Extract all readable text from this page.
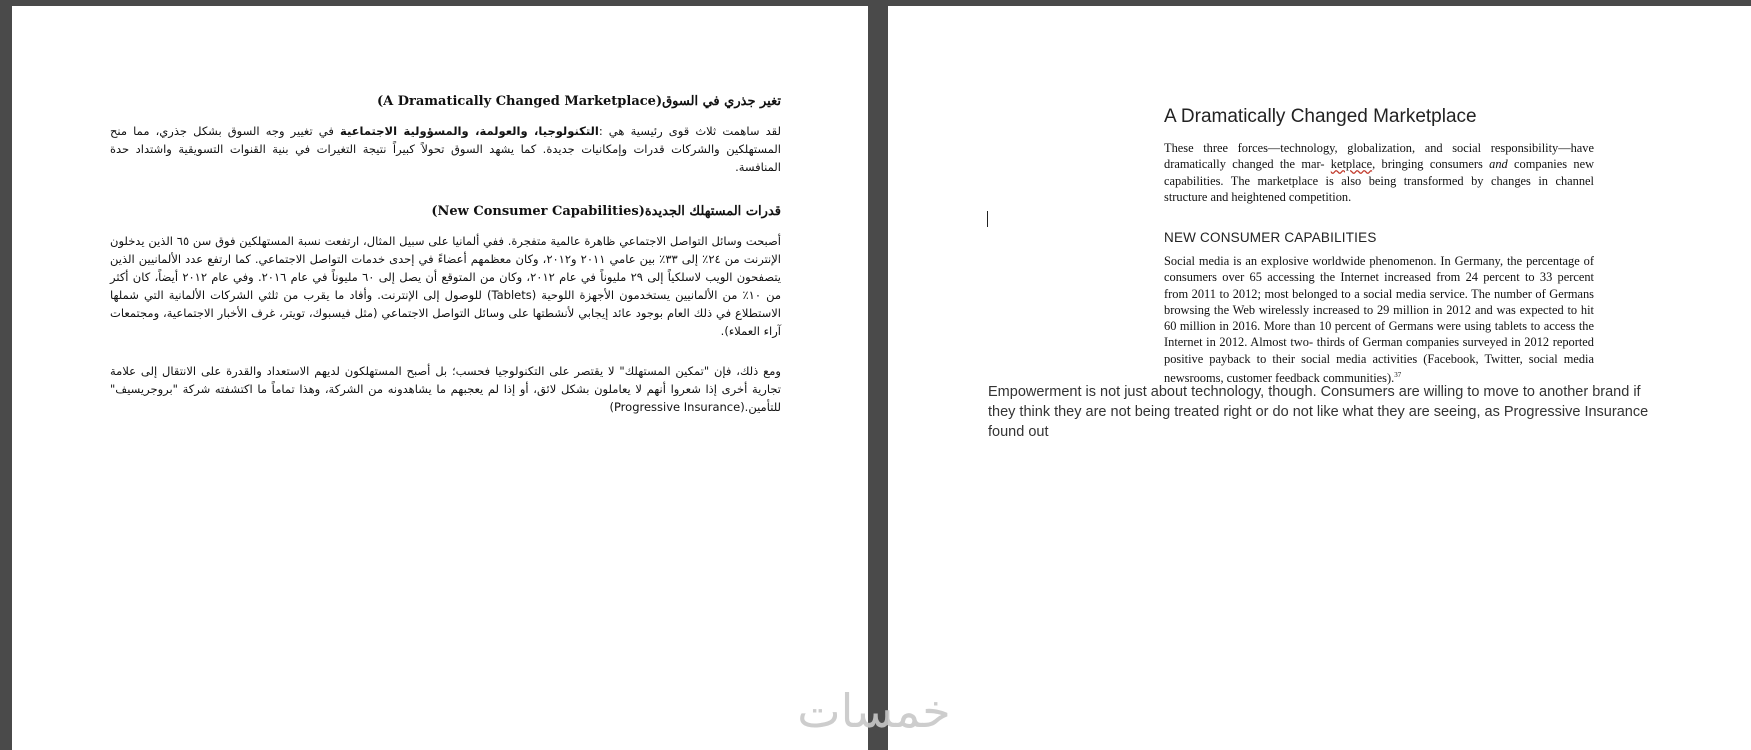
تغير جذري في السوق(A Dramatically Changed Marketplace)
لقد ساهمت ثلاث قوى رئيسية هي :التكنولوجيا، والعولمة، والمسؤولية الاجتماعية في تغيير وجه السوق بشكل جذري، مما منح المستهلكين والشركات قدرات وإمكانيات جديدة. كما يشهد السوق تحولاً كبيراً نتيجة التغيرات في بنية القنوات التسويقية واشتداد حدة المنافسة.
قدرات المستهلك الجديدة(New Consumer Capabilities)
أصبحت وسائل التواصل الاجتماعي ظاهرة عالمية متفجرة. ففي ألمانيا على سبيل المثال، ارتفعت نسبة المستهلكين فوق سن ٦٥ الذين يدخلون الإنترنت من ٢٤٪ إلى ٣٣٪ بين عامي ٢٠١١ و٢٠١٢، وكان معظمهم أعضاءً في إحدى خدمات التواصل الاجتماعي. كما ارتفع عدد الألمانيين الذين يتصفحون الويب لاسلكياً إلى ٢٩ مليوناً في عام ٢٠١٢، وكان من المتوقع أن يصل إلى ٦٠ مليوناً في عام ٢٠١٦. وفي عام ٢٠١٢ أيضاً، كان أكثر من ١٠٪ من الألمانيين يستخدمون الأجهزة اللوحية (Tablets) للوصول إلى الإنترنت. وأفاد ما يقرب من ثلثي الشركات الألمانية التي شملها الاستطلاع في ذلك العام بوجود عائد إيجابي لأنشطتها على وسائل التواصل الاجتماعي (مثل فيسبوك، تويتر، غرف الأخبار الاجتماعية، ومجتمعات آراء العملاء).
ومع ذلك، فإن "تمكين المستهلك" لا يقتصر على التكنولوجيا فحسب؛ بل أصبح المستهلكون لديهم الاستعداد والقدرة على الانتقال إلى علامة تجارية أخرى إذا شعروا أنهم لا يعاملون بشكل لائق، أو إذا لم يعجبهم ما يشاهدونه من الشركة، وهذا تماماً ما اكتشفته شركة "بروجريسيف" للتأمين.(Progressive Insurance)
A Dramatically Changed Marketplace
These three forces—technology, globalization, and social responsibility—have dramatically changed the mar- ketplace, bringing consumers and companies new capabilities. The marketplace is also being transformed by changes in channel structure and heightened competition.
NEW CONSUMER CAPABILITIES
Social media is an explosive worldwide phenomenon. In Germany, the percentage of consumers over 65 accessing the Internet increased from 24 percent to 33 percent from 2011 to 2012; most belonged to a social media service. The number of Germans browsing the Web wirelessly increased to 29 million in 2012 and was expected to hit 60 million in 2016. More than 10 percent of Germans were using tablets to access the Internet in 2012. Almost two- thirds of German companies surveyed in 2012 reported positive payback to their social media activities (Facebook, Twitter, social media newsrooms, customer feedback communities).$^{37}$
Empowerment is not just about technology, though. Consumers are willing to move to another brand if they think they are not being treated right or do not like what they are seeing, as Progressive Insurance found out
خمسات
